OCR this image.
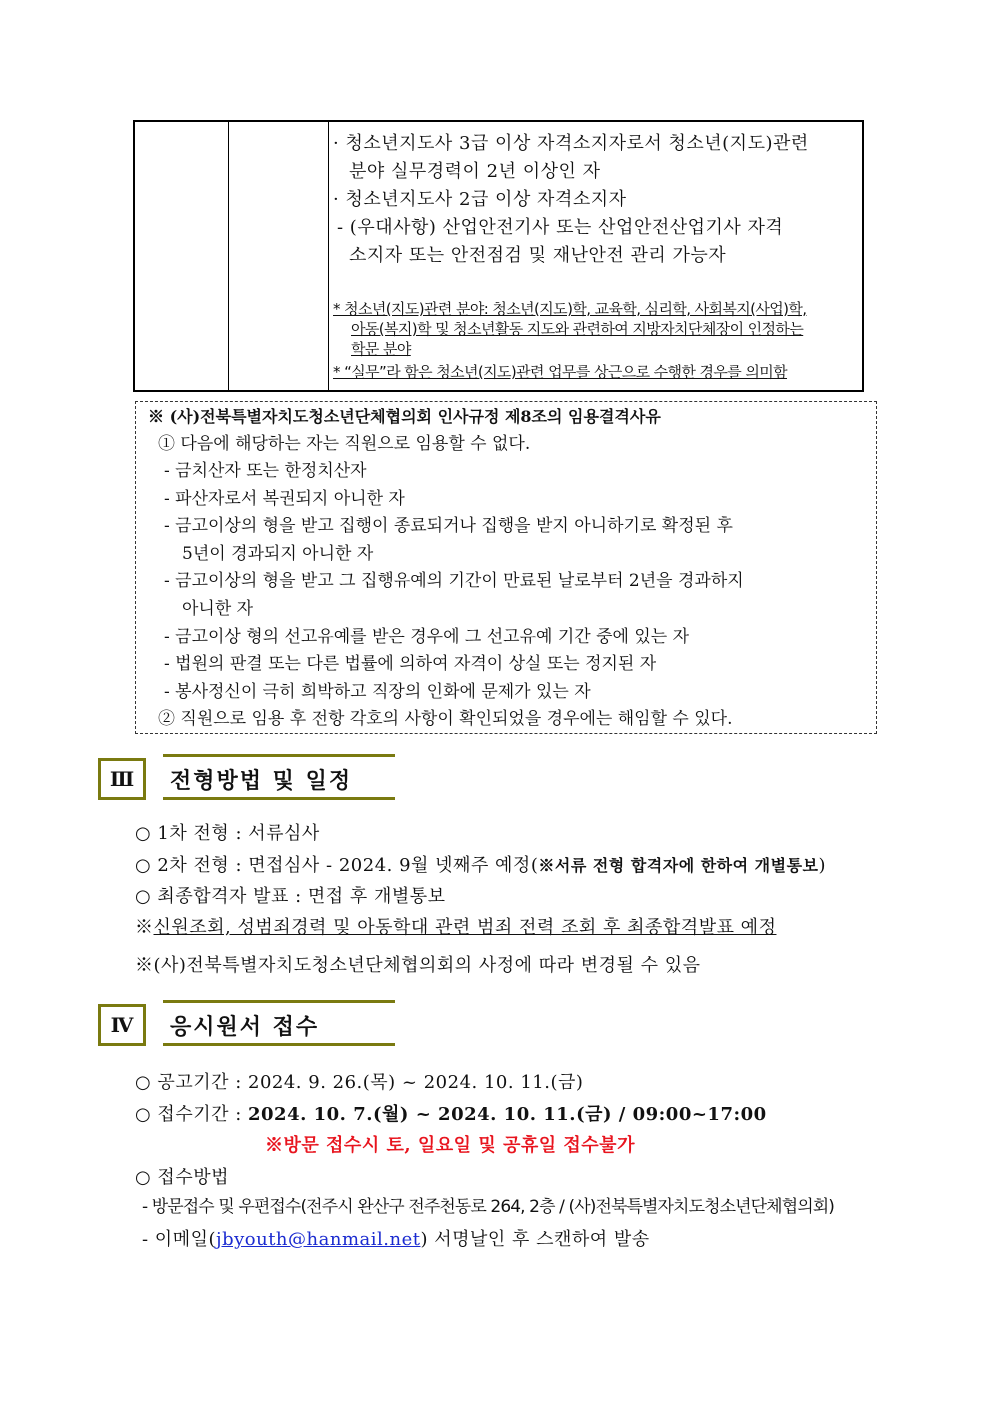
· 청소년지도사 3급 이상 자격소지자로서 청소년(지도)관련
분야 실무경력이 2년 이상인 자
· 청소년지도사 2급 이상 자격소지자
- (우대사항) 산업안전기사 또는 산업안전산업기사 자격
소지자 또는 안전점검 및 재난안전 관리 가능자
* 청소년(지도)관련 분야: 청소년(지도)학, 교육학, 심리학, 사회복지(사업)학,
아동(복지)학 및 청소년활동 지도와 관련하여 지방자치단체장이 인정하는
학문 분야
* “실무”라 함은 청소년(지도)관련 업무를 상근으로 수행한 경우를 의미함
※ (사)전북특별자치도청소년단체협의회 인사규정 제8조의 임용결격사유
① 다음에 해당하는 자는 직원으로 임용할 수 없다.
- 금치산자 또는 한정치산자
- 파산자로서 복권되지 아니한 자
- 금고이상의 형을 받고 집행이 종료되거나 집행을 받지 아니하기로 확정된 후
5년이 경과되지 아니한 자
- 금고이상의 형을 받고 그 집행유예의 기간이 만료된 날로부터 2년을 경과하지
아니한 자
- 금고이상 형의 선고유예를 받은 경우에 그 선고유예 기간 중에 있는 자
- 법원의 판결 또는 다른 법률에 의하여 자격이 상실 또는 정지된 자
- 봉사정신이 극히 희박하고 직장의 인화에 문제가 있는 자
② 직원으로 임용 후 전항 각호의 사항이 확인되었을 경우에는 해임할 수 있다.
Ⅲ	전형방법 및 일정
○ 1차 전형 : 서류심사
○ 2차 전형 : 면접심사 - 2024. 9월 넷째주 예정(※서류 전형 합격자에 한하여 개별통보)
○ 최종합격자 발표 : 면접 후 개별통보
※신원조회, 성범죄경력 및 아동학대 관련 범죄 전력 조회 후 최종합격발표 예정
※(사)전북특별자치도청소년단체협의회의 사정에 따라 변경될 수 있음
Ⅳ	응시원서 접수
○ 공고기간 : 2024. 9. 26.(목) ~ 2024. 10. 11.(금)
○ 접수기간 : 2024. 10. 7.(월) ~ 2024. 10. 11.(금) / 09:00~17:00
※방문 접수시 토, 일요일 및 공휴일 접수불가
○ 접수방법
- 방문접수 및 우편접수(전주시 완산구 전주천동로 264, 2층 / (사)전북특별자치도청소년단체협의회)
- 이메일(jbyouth@hanmail.net) 서명날인 후 스캔하여 발송
